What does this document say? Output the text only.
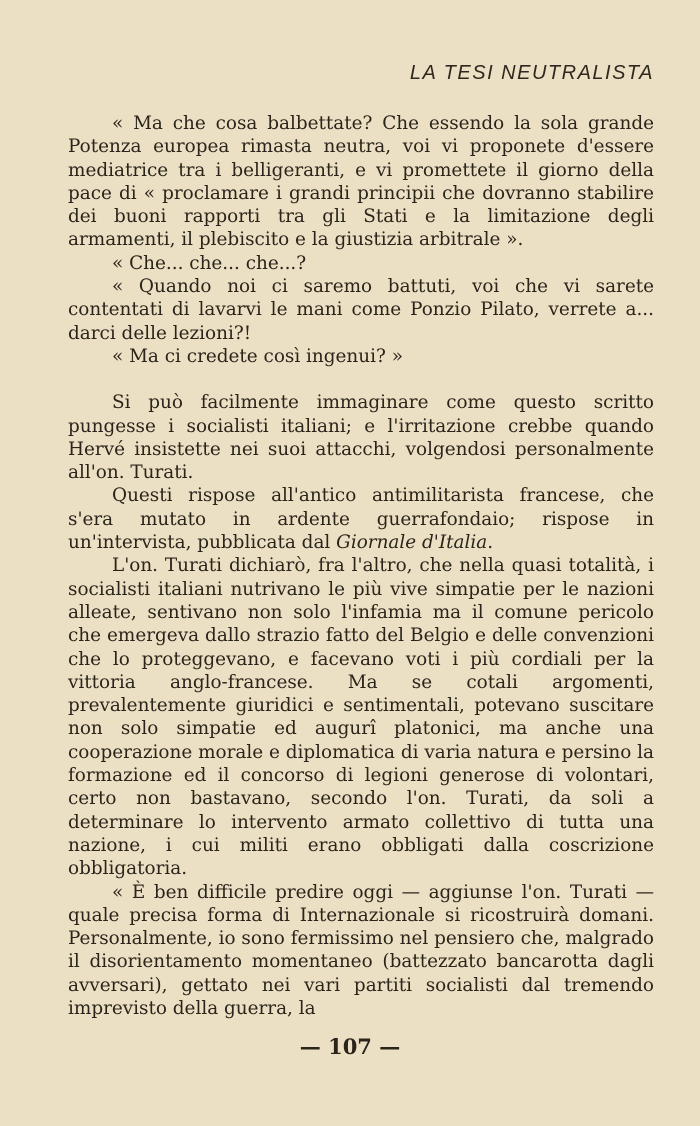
LA TESI NEUTRALISTA

« Ma che cosa balbettate? Che essendo la sola grande Potenza europea rimasta neutra, voi vi proponete d'essere mediatrice tra i belligeranti, e vi promettete il giorno della pace di « proclamare i grandi principii che dovranno stabilire dei buoni rapporti tra gli Stati e la limitazione degli armamenti, il plebiscito e la giustizia arbitrale ».

« Che... che... che...?

« Quando noi ci saremo battuti, voi che vi sarete contentati di lavarvi le mani come Ponzio Pilato, verrete a... darci delle lezioni?!

« Ma ci credete così ingenui? »

Si può facilmente immaginare come questo scritto pungesse i socialisti italiani; e l'irritazione crebbe quando Hervé insistette nei suoi attacchi, volgendosi personalmente all'on. Turati.

Questi rispose all'antico antimilitarista francese, che s'era mutato in ardente guerrafondaio; rispose in un'intervista, pubblicata dal Giornale d'Italia.

L'on. Turati dichiarò, fra l'altro, che nella quasi totalità, i socialisti italiani nutrivano le più vive simpatie per le nazioni alleate, sentivano non solo l'infamia ma il comune pericolo che emergeva dallo strazio fatto del Belgio e delle convenzioni che lo proteggevano, e facevano voti i più cordiali per la vittoria anglo-francese. Ma se cotali argomenti, prevalentemente giuridici e sentimentali, potevano suscitare non solo simpatie ed augurî platonici, ma anche una cooperazione morale e diplomatica di varia natura e persino la formazione ed il concorso di legioni generose di volontari, certo non bastavano, secondo l'on. Turati, da soli a determinare lo intervento armato collettivo di tutta una nazione, i cui militi erano obbligati dalla coscrizione obbligatoria.

« È ben difficile predire oggi — aggiunse l'on. Turati — quale precisa forma di Internazionale si ricostruirà domani. Personalmente, io sono fermissimo nel pensiero che, malgrado il disorientamento momentaneo (battezzato bancarotta dagli avversari), gettato nei vari partiti socialisti dal tremendo imprevisto della guerra, la

— 107 —
